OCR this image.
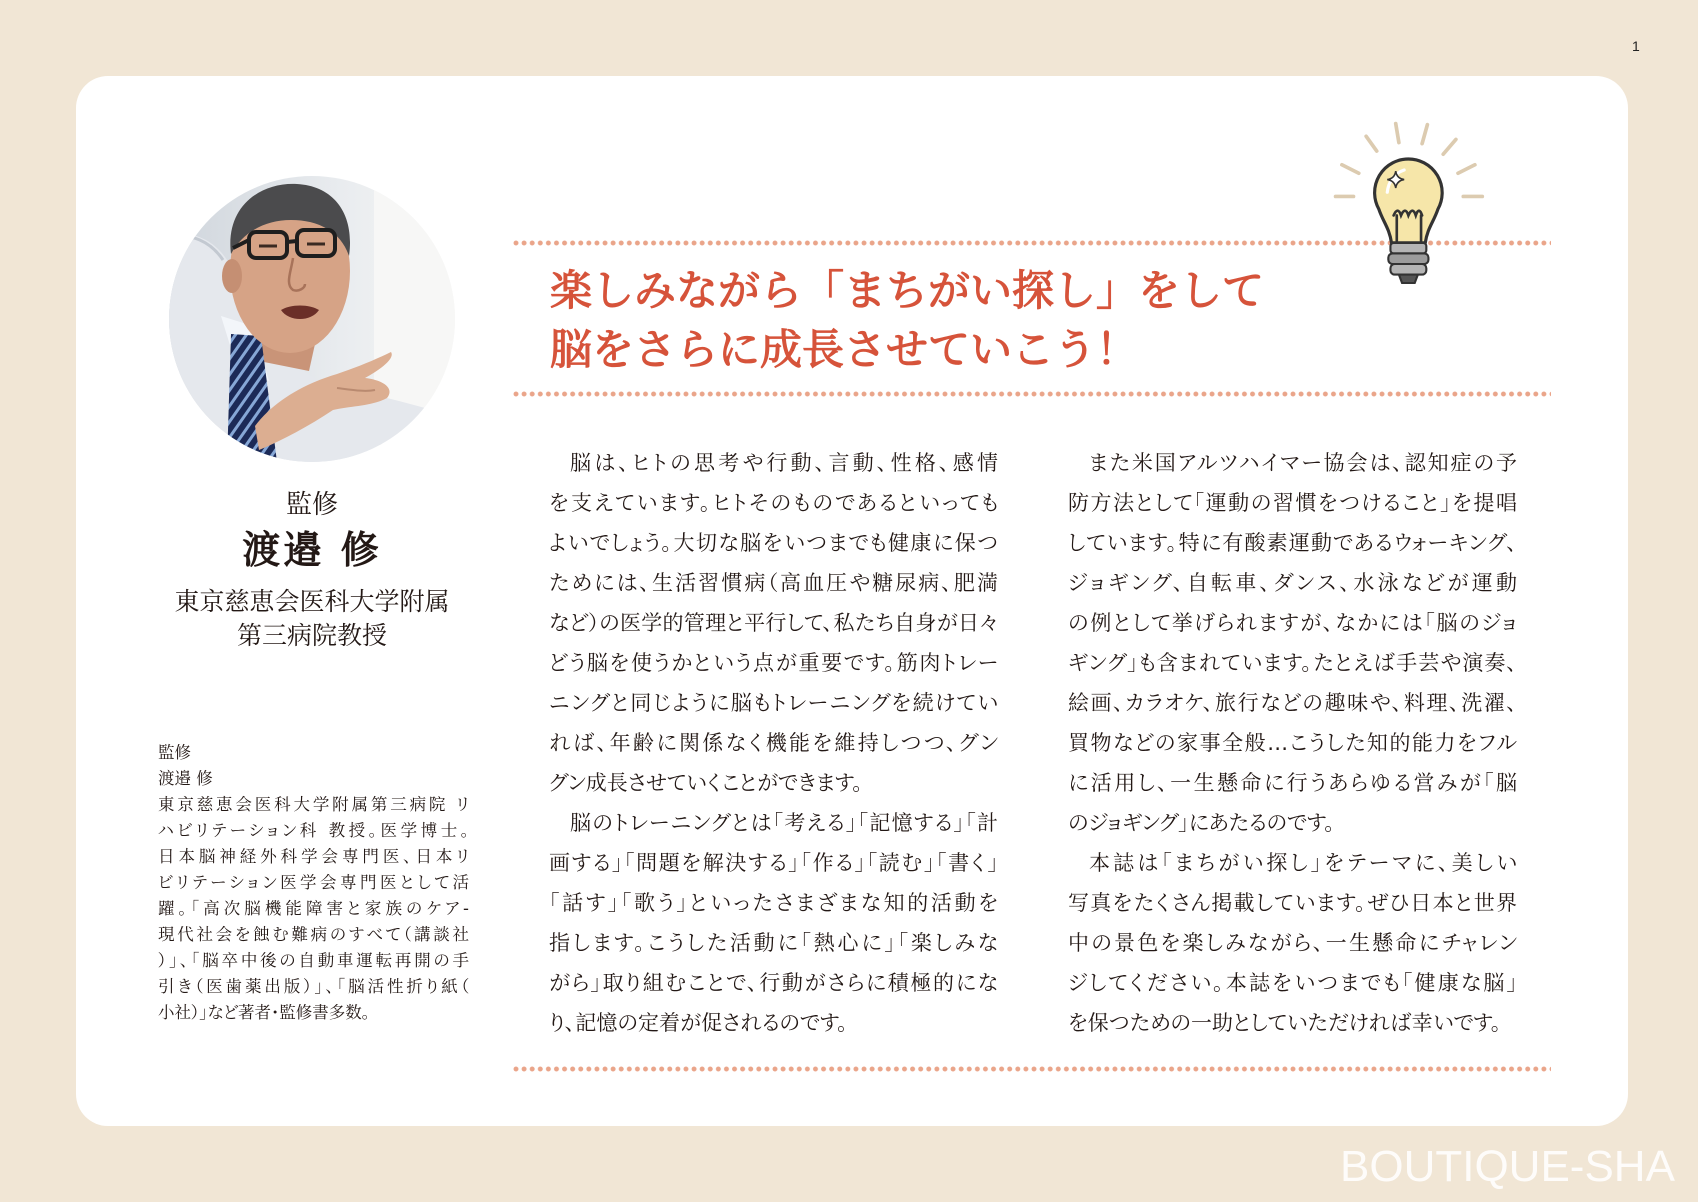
1
監修
渡邉 修
東京慈恵会医科大学附属
第三病院教授
監修
渡邉 修
東京慈恵会医科大学附属第三病院 リ
ハビリテーション科 教授。医学博士。
日本脳神経外科学会専門医、日本リ
ビリテーション医学会専門医として活
躍。「高次脳機能障害と家族のケア-
現代社会を蝕む難病のすべて（講談社
）」、「脳卒中後の自動車運転再開の手
引き（医歯薬出版）」、「脳活性折り紙（
小社）」など著者・監修書多数。
楽しみながら「まちがい探し」をして
脳をさらに成長させていこう！
脳は、ヒトの思考や行動、言動、性格、感情
を支えています。ヒトそのものであるといっても
よいでしょう。大切な脳をいつまでも健康に保つ
ためには、生活習慣病（高血圧や糖尿病、肥満
など）の医学的管理と平行して、私たち自身が日々
どう脳を使うかという点が重要です。筋肉トレー
ニングと同じように脳もトレーニングを続けてい
れば、年齢に関係なく機能を維持しつつ、グン
グン成長させていくことができます。
脳のトレーニングとは「考える」「記憶する」「計
画する」「問題を解決する」「作る」「読む」「書く」
「話す」「歌う」といったさまざまな知的活動を
指します。こうした活動に「熱心に」「楽しみな
がら」取り組むことで、行動がさらに積極的にな
り、記憶の定着が促されるのです。
また米国アルツハイマー協会は、認知症の予
防方法として「運動の習慣をつけること」を提唱
しています。特に有酸素運動であるウォーキング、
ジョギング、自転車、ダンス、水泳などが運動
の例として挙げられますが、なかには「脳のジョ
ギング」も含まれています。たとえば手芸や演奏、
絵画、カラオケ、旅行などの趣味や、料理、洗濯、
買物などの家事全般…こうした知的能力をフル
に活用し、一生懸命に行うあらゆる営みが「脳
のジョギング」にあたるのです。
本誌は「まちがい探し」をテーマに、美しい
写真をたくさん掲載しています。ぜひ日本と世界
中の景色を楽しみながら、一生懸命にチャレン
ジしてください。本誌をいつまでも「健康な脳」
を保つための一助としていただければ幸いです。
BOUTIQUE-SHA
